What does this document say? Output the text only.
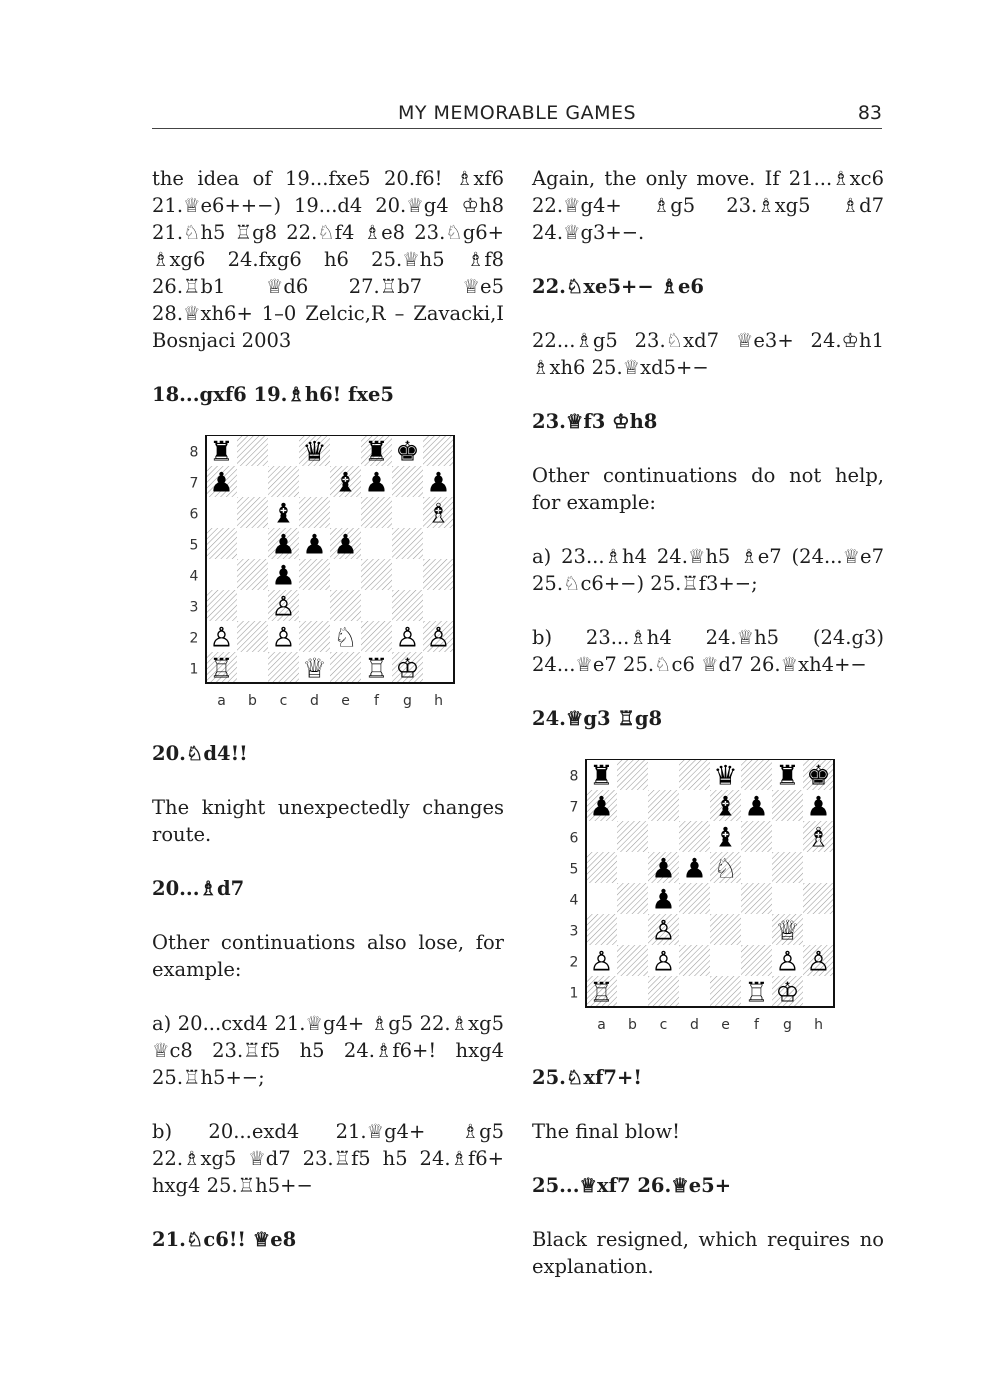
MY MEMORABLE GAMES	83

the idea of 19...fxe5 20.f6! ♗xf6 21.♕e6++−) 19...d4 20.♕g4 ♔h8 21.♘h5 ♖g8 22.♘f4 ♗e8 23.♘g6+ ♗xg6 24.fxg6 h6 25.♕h5 ♗f8 26.♖b1 ♕d6 27.♖b7 ♕e5 28.♕xh6+ 1–0 Zelcic,R – Zavacki,I Bosnjaci 2003

18...gxf6 19.♗h6! fxe5

8
7
6
5
4
3
2
1
a b c d e f g h
♜	♛ ♜ ♚
♟	♝ ♟ ♟
♝	♗
♟ ♟ ♟
♟
♙
♙ ♙ ♘ ♙ ♙
♖	♕ ♖ ♔

20.♘d4!!

The knight unexpectedly changes route.

20...♗d7

Other continuations also lose, for example:

a) 20...cxd4 21.♕g4+ ♗g5 22.♗xg5 ♕c8 23.♖f5 h5 24.♗f6+! hxg4 25.♖h5+−;

b) 20...exd4 21.♕g4+ ♗g5 22.♗xg5 ♕d7 23.♖f5 h5 24.♗f6+ hxg4 25.♖h5+−

21.♘c6!! ♕e8

Again, the only move. If 21...♗xc6 22.♕g4+ ♗g5 23.♗xg5 ♗d7 24.♕g3+−.

22.♘xe5+− ♗e6

22...♗g5 23.♘xd7 ♕e3+ 24.♔h1 ♗xh6 25.♕xd5+−

23.♕f3 ♔h8

Other continuations do not help, for example:

a) 23...♗h4 24.♕h5 ♗e7 (24...♕e7 25.♘c6+−) 25.♖f3+−;

b) 23...♗h4 24.♕h5 (24.g3) 24...♕e7 25.♘c6 ♕d7 26.♕xh4+−

24.♕g3 ♖g8

8
7
6
5
4
3
2
1
a b c d e f g h
♜	♛ ♜ ♚
♟	♝ ♟ ♟
♝	♗
♟ ♟ ♘
♟
♙	♕
♙ ♙	♙ ♙
♖	♖ ♔

25.♘xf7+!

The final blow!

25...♕xf7 26.♕e5+

Black resigned, which requires no explanation.
